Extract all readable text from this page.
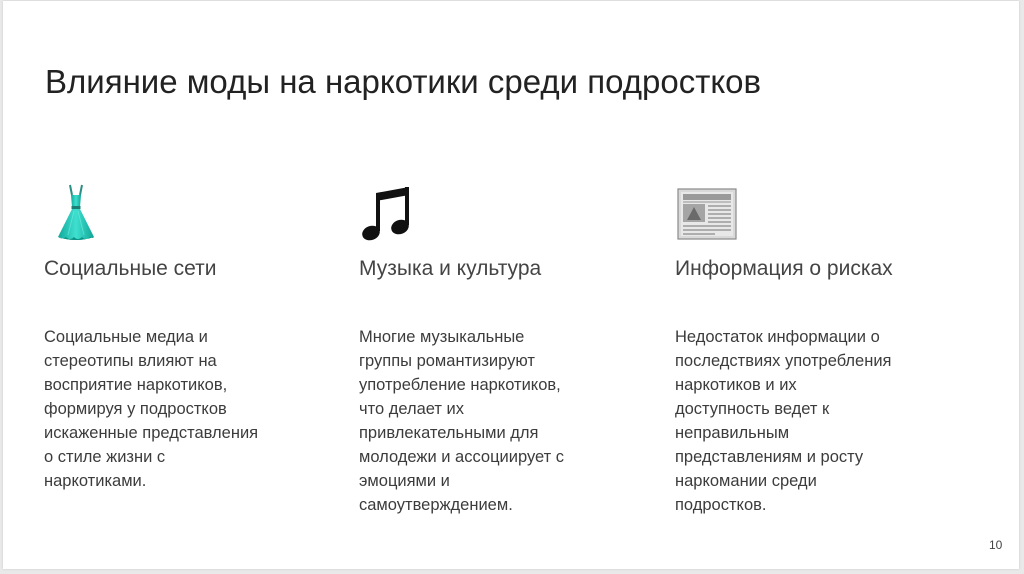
Влияние моды на наркотики среди подростков
Социальные сети

Социальные медиа и
стереотипы влияют на
восприятие наркотиков,
формируя у подростков
искаженные представления
о стиле жизни с
наркотиками.

Музыка и культура

Многие музыкальные
группы романтизируют
употребление наркотиков,
что делает их
привлекательными для
молодежи и ассоциирует с
эмоциями и
самоутверждением.

Информация о рисках

Недостаток информации о
последствиях употребления
наркотиков и их
доступность ведет к
неправильным
представлениям и росту
наркомании среди
подростков.

10
